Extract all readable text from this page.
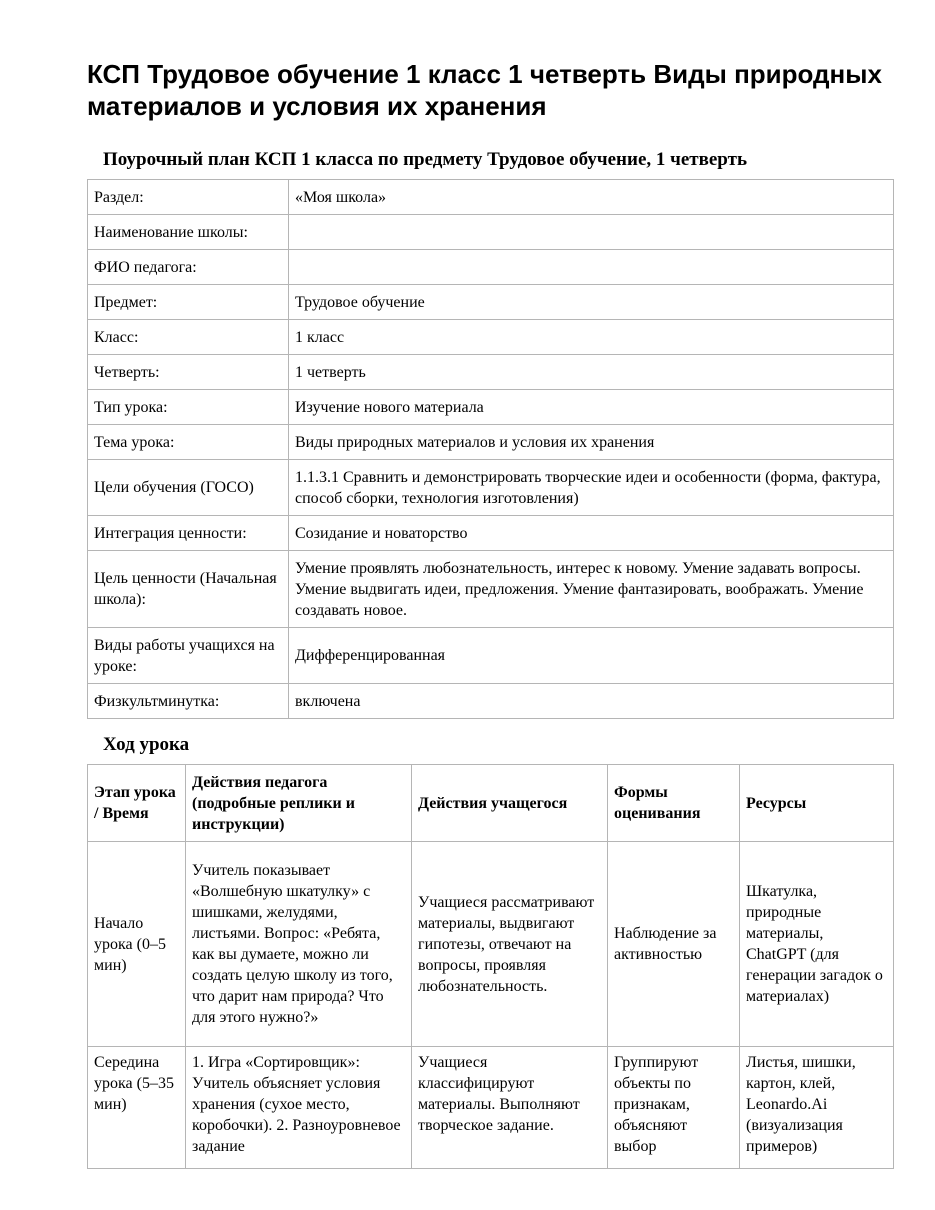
КСП Трудовое обучение 1 класс 1 четверть Виды природных материалов и условия их хранения
Поурочный план КСП 1 класса по предмету Трудовое обучение, 1 четверть
Раздел:	«Моя школа»
Наименование школы:	
ФИО педагога:	
Предмет:	Трудовое обучение
Класс:	1 класс
Четверть:	1 четверть
Тип урока:	Изучение нового материала
Тема урока:	Виды природных материалов и условия их хранения
Цели обучения (ГОСО)	1.1.3.1 Сравнить и демонстрировать творческие идеи и особенности (форма, фактура, способ сборки, технология изготовления)
Интеграция ценности:	Созидание и новаторство
Цель ценности (Начальная школа):	Умение проявлять любознательность, интерес к новому. Умение задавать вопросы. Умение выдвигать идеи, предложения. Умение фантазировать, воображать. Умение создавать новое.
Виды работы учащихся на уроке:	Дифференцированная
Физкультминутка:	включена
Ход урока
Этап урока / Время	Действия педагога (подробные реплики и инструкции)	Действия учащегося	Формы оценивания	Ресурсы
Начало урока (0–5 мин)	Учитель показывает «Волшебную шкатулку» с шишками, желудями, листьями. Вопрос: «Ребята, как вы думаете, можно ли создать целую школу из того, что дарит нам природа? Что для этого нужно?»	Учащиеся рассматривают материалы, выдвигают гипотезы, отвечают на вопросы, проявляя любознательность.	Наблюдение за активностью	Шкатулка, природные материалы, ChatGPT (для генерации загадок о материалах)
Середина урока (5–35 мин)	1. Игра «Сортировщик»: Учитель объясняет условия хранения (сухое место, коробочки). 2. Разноуровневое задание	Учащиеся классифицируют материалы. Выполняют творческое задание.	Группируют объекты по признакам, объясняют выбор	Листья, шишки, картон, клей, Leonardo.Ai (визуализация примеров)
